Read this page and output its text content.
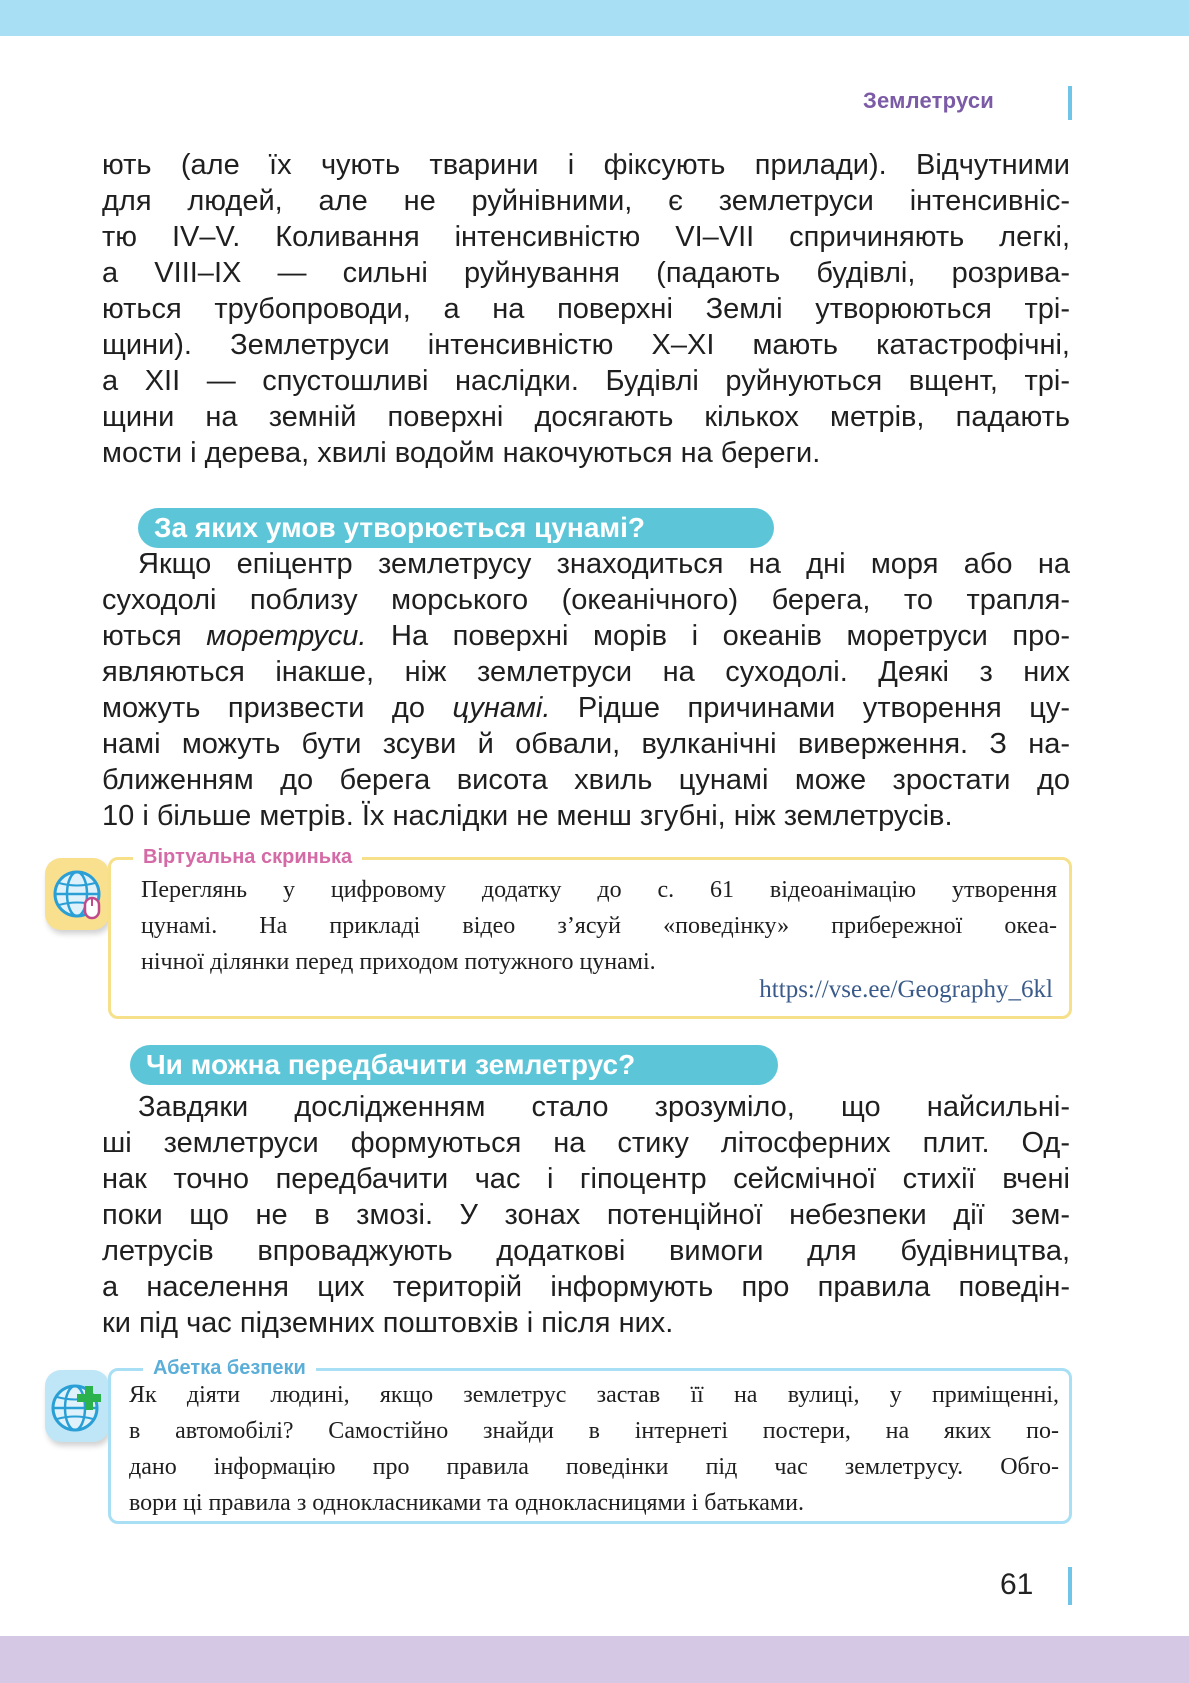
Землетруси
ють (але їх чують тварини і фіксують прилади). Відчутними
для людей, але не руйнівними, є землетруси інтенсивніс-
тю IV–V. Коливання інтенсивністю VI–VII спричиняють легкі,
а VIII–IX — сильні руйнування (падають будівлі, розрива-
ються трубопроводи, а на поверхні Землі утворюються трі-
щини). Землетруси інтенсивністю X–XI мають катастрофічні,
а XII — спустошливі наслідки. Будівлі руйнуються вщент, трі-
щини на земній поверхні досягають кількох метрів, падають
мости і дерева, хвилі водойм накочуються на береги.
За яких умов утворюється цунамі?
Якщо епіцентр землетрусу знаходиться на дні моря або на
суходолі поблизу морського (океанічного) берега, то трапля-
ються моретруси. На поверхні морів і океанів моретруси про-
являються інакше, ніж землетруси на суходолі. Деякі з них
можуть призвести до цунамі. Рідше причинами утворення цу-
намі можуть бути зсуви й обвали, вулканічні виверження. З на-
ближенням до берега висота хвиль цунамі може зростати до
10 і більше метрів. Їх наслідки не менш згубні, ніж землетрусів.
Віртуальна скринька
Переглянь у цифровому додатку до с. 61 відеоанімацію утворення
цунамі. На прикладі відео з’ясуй «поведінку» прибережної океа-
нічної ділянки перед приходом потужного цунамі.
https://vse.ee/Geography_6kl
Чи можна передбачити землетрус?
Завдяки дослідженням стало зрозуміло, що найсильні-
ші землетруси формуються на стику літосферних плит. Од-
нак точно передбачити час і гіпоцентр сейсмічної стихії вчені
поки що не в змозі. У зонах потенційної небезпеки дії зем-
летрусів впроваджують додаткові вимоги для будівництва,
а населення цих територій інформують про правила поведін-
ки під час підземних поштовхів і після них.
Абетка безпеки
Як діяти людині, якщо землетрус застав її на вулиці, у приміщенні,
в автомобілі? Самостійно знайди в інтернеті постери, на яких по-
дано інформацію про правила поведінки під час землетрусу. Обго-
вори ці правила з однокласниками та однокласницями і батьками.
61
